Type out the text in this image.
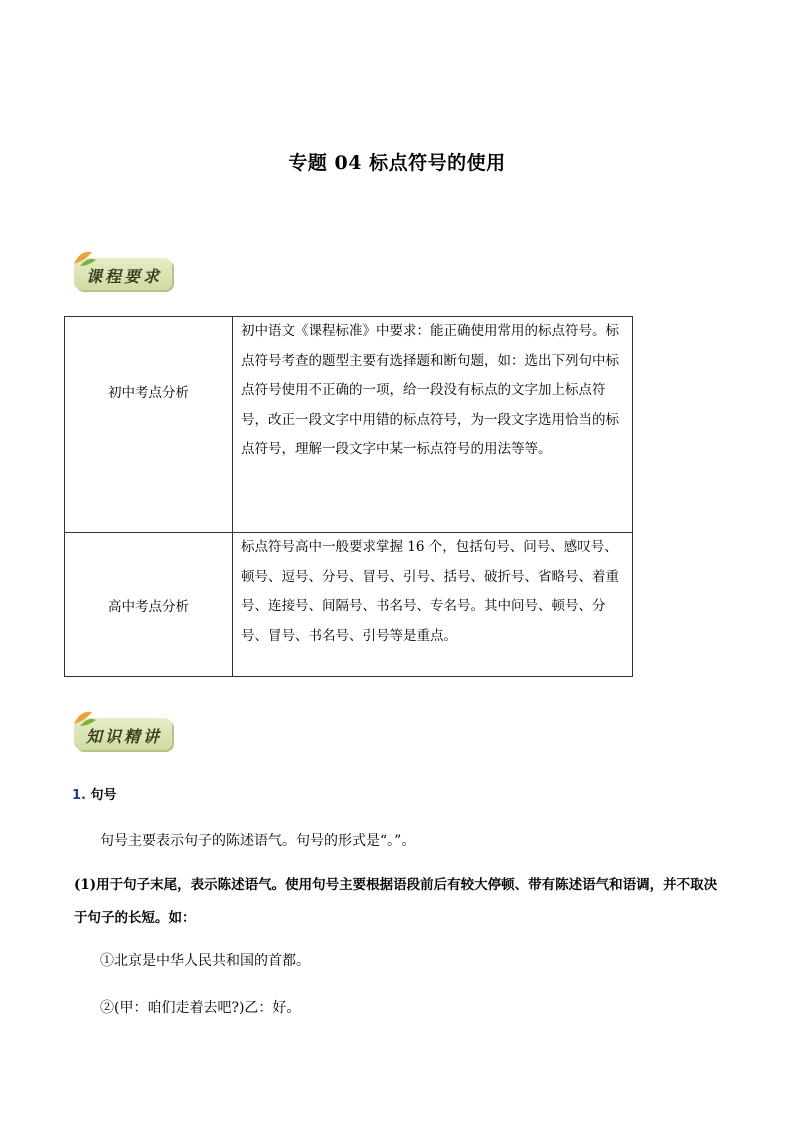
专题 04 标点符号的使用
课程要求
初中考点分析	初中语文《课程标准》中要求：能正确使用常用的标点符号。标点符号考查的题型主要有选择题和断句题，如：选出下列句中标点符号使用不正确的一项，给一段没有标点的文字加上标点符号，改正一段文字中用错的标点符号，为一段文字选用恰当的标点符号，理解一段文字中某一标点符号的用法等等。
高中考点分析	标点符号高中一般要求掌握 16 个，包括句号、问号、感叹号、顿号、逗号、分号、冒号、引号、括号、破折号、省略号、着重号、连接号、间隔号、书名号、专名号。其中问号、顿号、分号、冒号、书名号、引号等是重点。
知识精讲
1. 句号
句号主要表示句子的陈述语气。句号的形式是“。”。
(1)用于句子末尾，表示陈述语气。使用句号主要根据语段前后有较大停顿、带有陈述语气和语调，并不取决于句子的长短。如：
①北京是中华人民共和国的首都。
②(甲：咱们走着去吧?)乙：好。
